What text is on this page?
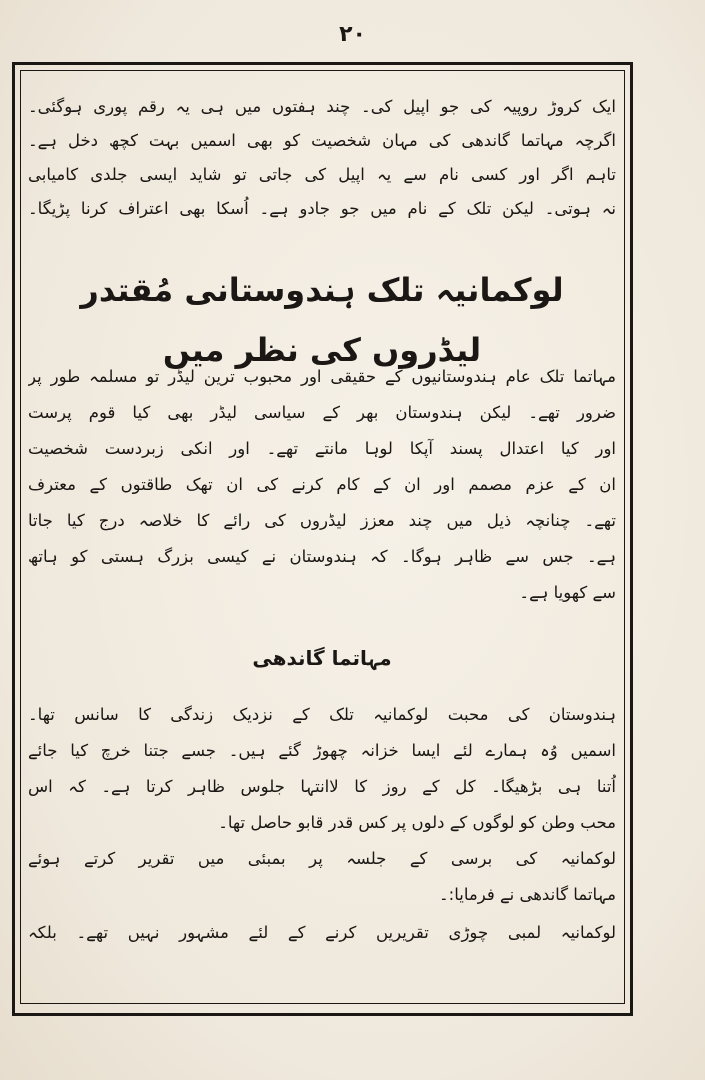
۲۰
ایک کروڑ روپیہ کی جو اپیل کی۔ چند ہفتوں میں ہی یہ رقم پوری ہوگئی۔
اگرچہ مہاتما گاندھی کی مہان شخصیت کو بھی اسمیں بہت کچھ دخل ہے۔
تاہم اگر اور کسی نام سے یہ اپیل کی جاتی تو شاید ایسی جلدی کامیابی
نہ ہوتی۔ لیکن تلک کے نام میں جو جادو ہے۔ اُسکا بھی اعتراف کرنا پڑیگا۔
لوکمانیہ تلک ہندوستانی مُقتدر لیڈروں کی نظر میں
مہاتما تلک عام ہندوستانیوں کے حقیقی اور محبوب ترین لیڈر تو مسلمہ طور پر
ضرور تھے۔ لیکن ہندوستان بھر کے سیاسی لیڈر بھی کیا قوم پرست
اور کیا اعتدال پسند آپکا لوہا مانتے تھے۔ اور انکی زبردست شخصیت
ان کے عزم مصمم اور ان کے کام کرنے کی ان تھک طاقتوں کے معترف
تھے۔ چنانچہ ذیل میں چند معزز لیڈروں کی رائے کا خلاصہ درج کیا جاتا
ہے۔ جس سے ظاہر ہوگا۔ کہ ہندوستان نے کیسی بزرگ ہستی کو ہاتھ
سے کھویا ہے۔
مہاتما گاندھی
ہندوستان کی محبت لوکمانیہ تلک کے نزدیک زندگی کا سانس تھا۔
اسمیں وُہ ہمارے لئے ایسا خزانہ چھوڑ گئے ہیں۔ جسے جتنا خرچ کیا جائے
اُتنا ہی بڑھیگا۔ کل کے روز کا لاانتہا جلوس ظاہر کرتا ہے۔ کہ اس
محب وطن کو لوگوں کے دلوں پر کس قدر قابو حاصل تھا۔
لوکمانیہ کی برسی کے جلسہ پر بمبئی میں تقریر کرتے ہوئے
مہاتما گاندھی نے فرمایا:۔
لوکمانیہ لمبی چوڑی تقریریں کرنے کے لئے مشہور نہیں تھے۔ بلکہ
